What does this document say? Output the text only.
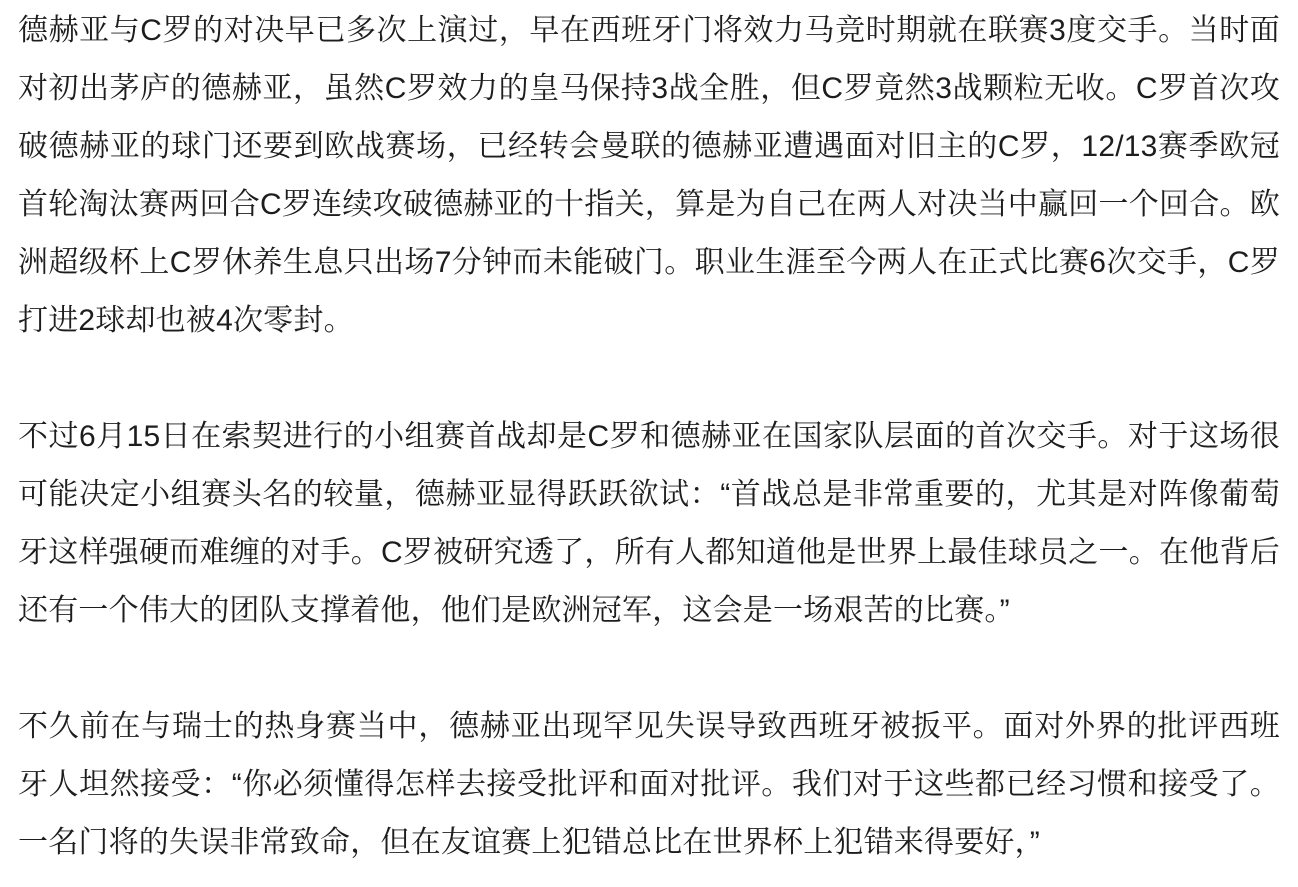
德赫亚与C罗的对决早已多次上演过，早在西班牙门将效力马竞时期就在联赛3度交手。当时面对初出茅庐的德赫亚，虽然C罗效力的皇马保持3战全胜，但C罗竟然3战颗粒无收。C罗首次攻破德赫亚的球门还要到欧战赛场，已经转会曼联的德赫亚遭遇面对旧主的C罗，12/13赛季欧冠首轮淘汰赛两回合C罗连续攻破德赫亚的十指关，算是为自己在两人对决当中赢回一个回合。欧洲超级杯上C罗休养生息只出场7分钟而未能破门。职业生涯至今两人在正式比赛6次交手，C罗打进2球却也被4次零封。

不过6月15日在索契进行的小组赛首战却是C罗和德赫亚在国家队层面的首次交手。对于这场很可能决定小组赛头名的较量，德赫亚显得跃跃欲试：“首战总是非常重要的，尤其是对阵像葡萄牙这样强硬而难缠的对手。C罗被研究透了，所有人都知道他是世界上最佳球员之一。在他背后还有一个伟大的团队支撑着他，他们是欧洲冠军，这会是一场艰苦的比赛。”

不久前在与瑞士的热身赛当中，德赫亚出现罕见失误导致西班牙被扳平。面对外界的批评西班牙人坦然接受：“你必须懂得怎样去接受批评和面对批评。我们对于这些都已经习惯和接受了。一名门将的失误非常致命，但在友谊赛上犯错总比在世界杯上犯错来得要好，”
